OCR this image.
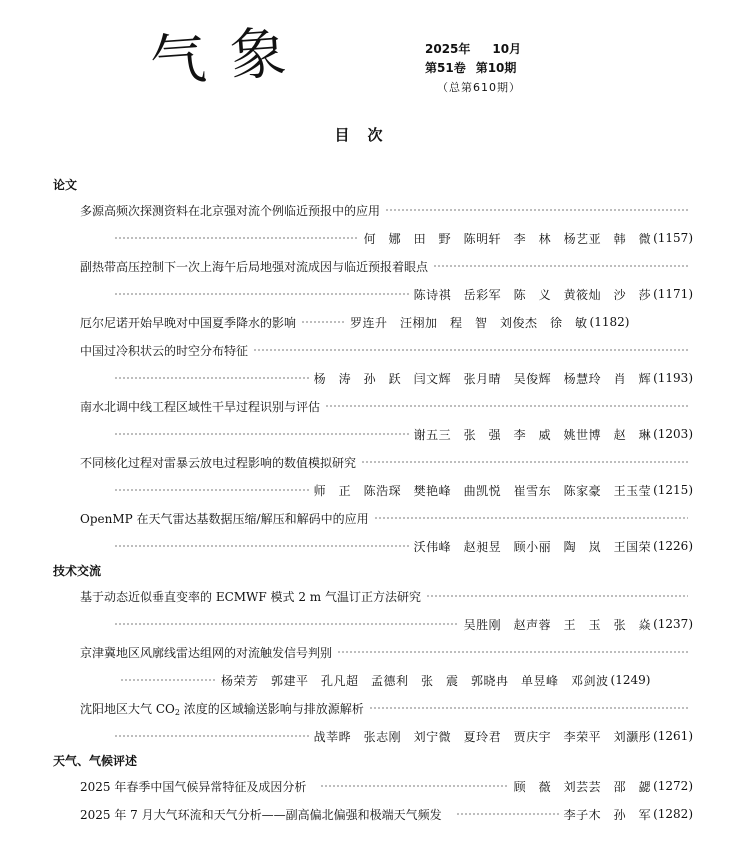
气象	2025年 10月
第51卷 第10期
（总第610期）
目次
论文
多源高频次探测资料在北京强对流个例临近预报中的应用
何　娜　田　野　陈明轩　李　林　杨艺亚　韩　微 (1157)
副热带高压控制下一次上海午后局地强对流成因与临近预报着眼点
陈诗祺　岳彩军　陈　义　黄筱灿　沙　莎 (1171)
厄尔尼诺开始早晚对中国夏季降水的影响	罗连升　汪栩加　程　智　刘俊杰　徐　敏 (1182)
中国过冷积状云的时空分布特征
杨　涛　孙　跃　闫文辉　张月晴　吴俊辉　杨慧玲　肖　辉 (1193)
南水北调中线工程区域性干旱过程识别与评估
谢五三　张　强　李　威　姚世博　赵　琳 (1203)
不同核化过程对雷暴云放电过程影响的数值模拟研究
师　正　陈浩琛　樊艳峰　曲凯悦　崔雪东　陈家豪　王玉莹 (1215)
OpenMP 在天气雷达基数据压缩/解压和解码中的应用
沃伟峰　赵昶昱　顾小丽　陶　岚　王国荣 (1226)
技术交流
基于动态近似垂直变率的 ECMWF 模式 2 m 气温订正方法研究
吴胜刚　赵声蓉　王　玉　张　焱 (1237)
京津冀地区风廓线雷达组网的对流触发信号判别
杨荣芳　郭建平　孔凡超　孟德利　张　震　郭晓冉　单昱峰　邓剑波 (1249)
沈阳地区大气 $CO_2$ 浓度的区域输送影响与排放源解析
战莘晔　张志刚　刘宁微　夏玲君　贾庆宇　李荣平　刘灏彤 (1261)
天气、气候评述
2025 年春季中国气候异常特征及成因分析	顾　薇　刘芸芸　邵　勰 (1272)
2025 年 7 月大气环流和天气分析——副高偏北偏强和极端天气频发	李子木　孙　军 (1282)
